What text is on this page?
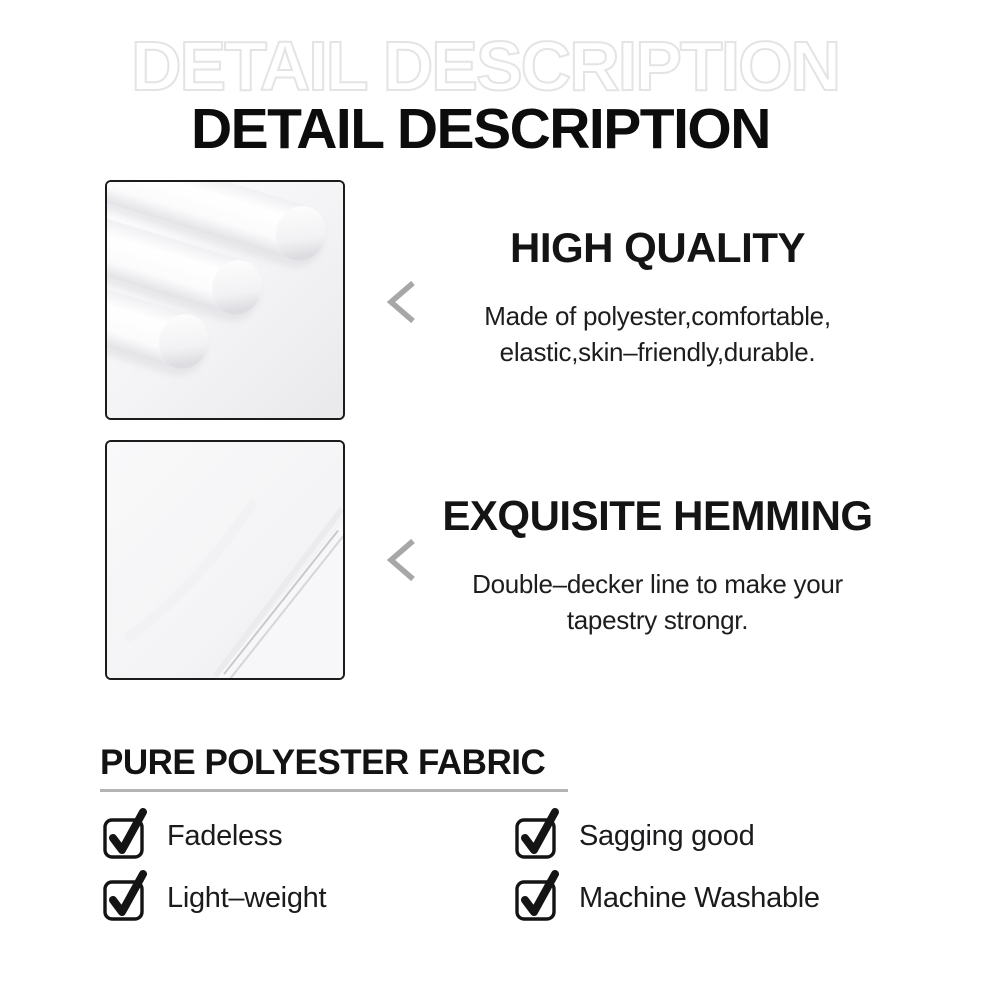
DETAIL DESCRIPTION
DETAIL DESCRIPTION
HIGH QUALITY

Made of polyester,comfortable,
elastic,skin–friendly,durable.

EXQUISITE HEMMING

Double–decker line to make your
tapestry strongr.

PURE POLYESTER FABRIC
Fadeless
Light–weight
Sagging good
Machine Washable
